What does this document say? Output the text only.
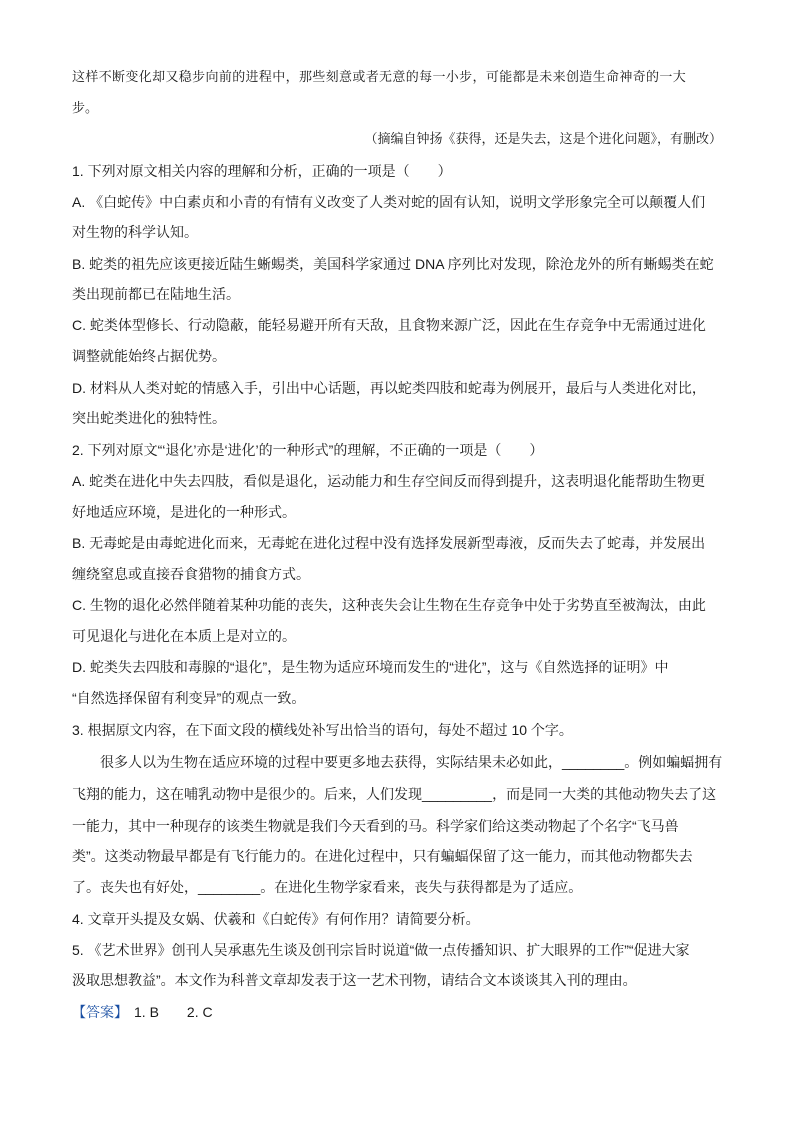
这样不断变化却又稳步向前的进程中，那些刻意或者无意的每一小步，可能都是未来创造生命神奇的一大
步。
（摘编自钟扬《获得，还是失去，这是个进化问题》，有删改）
1. 下列对原文相关内容的理解和分析，正确的一项是（　　）
A. 《白蛇传》中白素贞和小青的有情有义改变了人类对蛇的固有认知，说明文学形象完全可以颠覆人们
对生物的科学认知。
B. 蛇类的祖先应该更接近陆生蜥蜴类，美国科学家通过 DNA 序列比对发现，除沧龙外的所有蜥蜴类在蛇
类出现前都已在陆地生活。
C. 蛇类体型修长、行动隐蔽，能轻易避开所有天敌，且食物来源广泛，因此在生存竞争中无需通过进化
调整就能始终占据优势。
D. 材料从人类对蛇的情感入手，引出中心话题，再以蛇类四肢和蛇毒为例展开，最后与人类进化对比，
突出蛇类进化的独特性。
2. 下列对原文“‘退化’亦是‘进化’的一种形式”的理解，不正确的一项是（　　）
A. 蛇类在进化中失去四肢，看似是退化，运动能力和生存空间反而得到提升，这表明退化能帮助生物更
好地适应环境，是进化的一种形式。
B. 无毒蛇是由毒蛇进化而来，无毒蛇在进化过程中没有选择发展新型毒液，反而失去了蛇毒，并发展出
缠绕窒息或直接吞食猎物的捕食方式。
C. 生物的退化必然伴随着某种功能的丧失，这种丧失会让生物在生存竞争中处于劣势直至被淘汰，由此
可见退化与进化在本质上是对立的。
D. 蛇类失去四肢和毒腺的“退化”，是生物为适应环境而发生的“进化”，这与《自然选择的证明》中
“自然选择保留有利变异”的观点一致。
3. 根据原文内容，在下面文段的横线处补写出恰当的语句，每处不超过 10 个字。
　　很多人以为生物在适应环境的过程中要更多地去获得，实际结果未必如此，________。例如蝙蝠拥有
飞翔的能力，这在哺乳动物中是很少的。后来，人们发现_________，而是同一大类的其他动物失去了这
一能力，其中一种现存的该类生物就是我们今天看到的马。科学家们给这类动物起了个名字“飞马兽
类”。这类动物最早都是有飞行能力的。在进化过程中，只有蝙蝠保留了这一能力，而其他动物都失去
了。丧失也有好处，________。在进化生物学家看来，丧失与获得都是为了适应。
4. 文章开头提及女娲、伏羲和《白蛇传》有何作用？请简要分析。
5. 《艺术世界》创刊人吴承惠先生谈及创刊宗旨时说道“做一点传播知识、扩大眼界的工作”“促进大家
汲取思想教益”。本文作为科普文章却发表于这一艺术刊物，请结合文本谈谈其入刊的理由。
【答案】 1. B 2. C
